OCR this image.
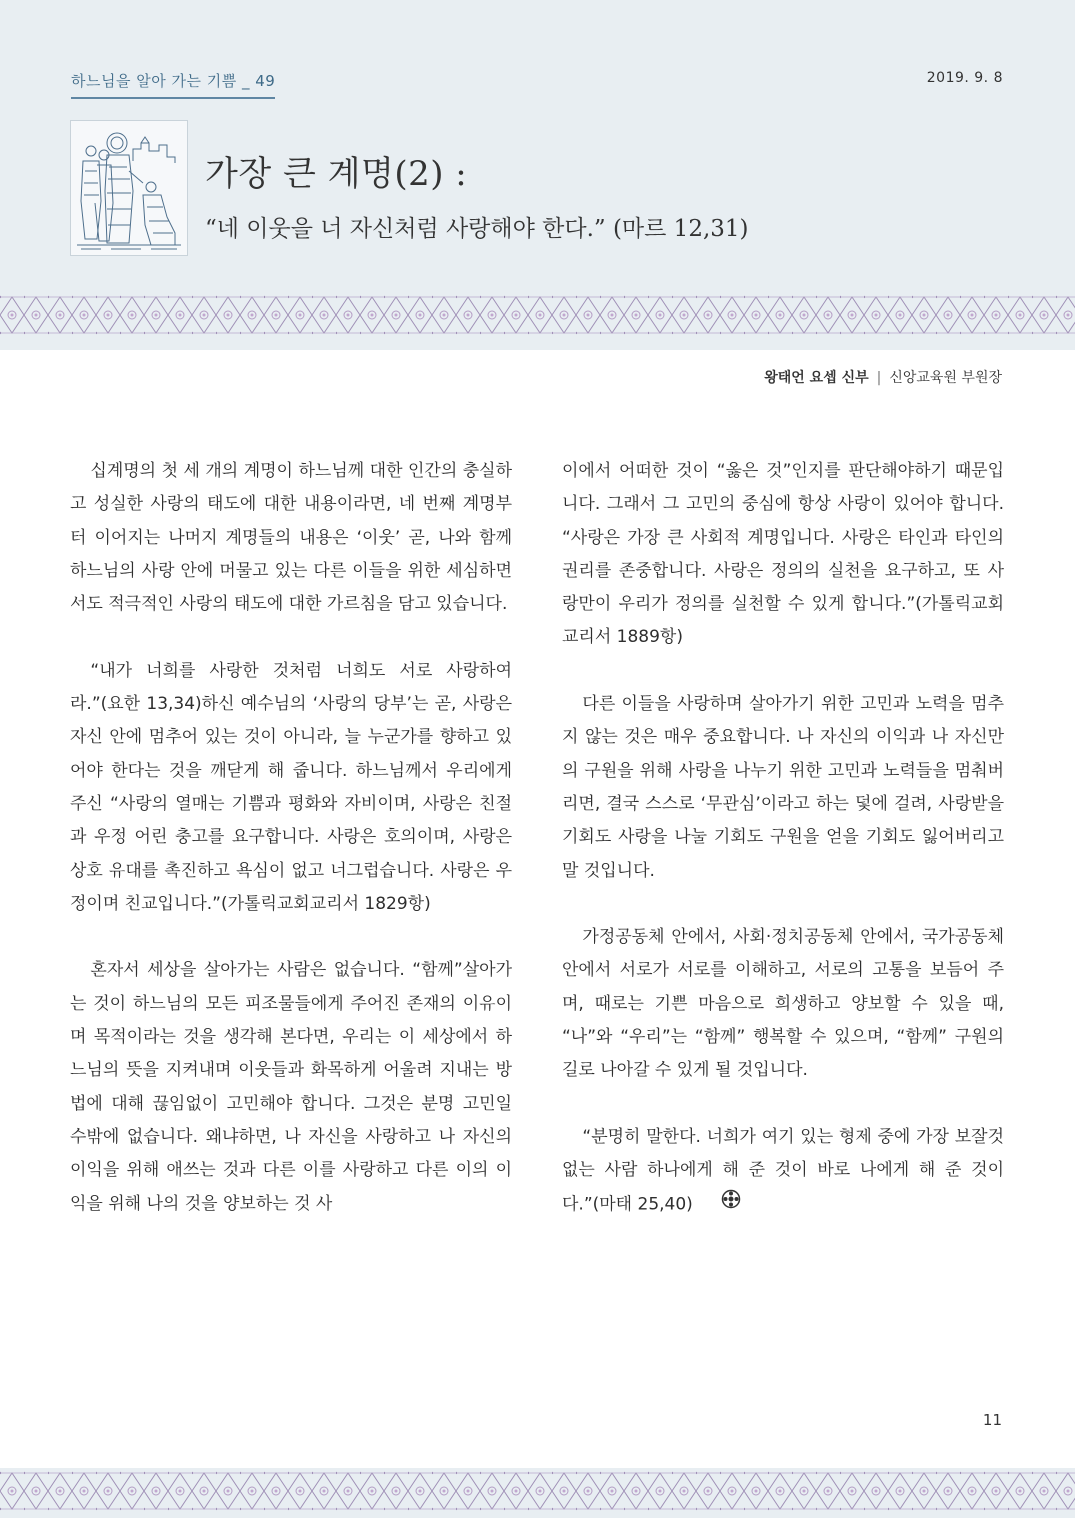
하느님을 알아 가는 기쁨 _ 49	2019. 9. 8
가장 큰 계명(2) :
“네 이웃을 너 자신처럼 사랑해야 한다.” (마르 12,31)
왕태언 요셉 신부 | 신앙교육원 부원장

십계명의 첫 세 개의 계명이 하느님께 대한 인간의 충실하고 성실한 사랑의 태도에 대한 내용이라면, 네 번째 계명부터 이어지는 나머지 계명들의 내용은 ‘이웃’ 곧, 나와 함께 하느님의 사랑 안에 머물고 있는 다른 이들을 위한 세심하면서도 적극적인 사랑의 태도에 대한 가르침을 담고 있습니다.

“내가 너희를 사랑한 것처럼 너희도 서로 사랑하여라.”(요한 13,34)하신 예수님의 ‘사랑의 당부’는 곧, 사랑은 자신 안에 멈추어 있는 것이 아니라, 늘 누군가를 향하고 있어야 한다는 것을 깨닫게 해 줍니다. 하느님께서 우리에게 주신 “사랑의 열매는 기쁨과 평화와 자비이며, 사랑은 친절과 우정 어린 충고를 요구합니다. 사랑은 호의이며, 사랑은 상호 유대를 촉진하고 욕심이 없고 너그럽습니다. 사랑은 우정이며 친교입니다.”(가톨릭교회교리서 1829항)

혼자서 세상을 살아가는 사람은 없습니다. “함께”살아가는 것이 하느님의 모든 피조물들에게 주어진 존재의 이유이며 목적이라는 것을 생각해 본다면, 우리는 이 세상에서 하느님의 뜻을 지켜내며 이웃들과 화목하게 어울려 지내는 방법에 대해 끊임없이 고민해야 합니다. 그것은 분명 고민일 수밖에 없습니다. 왜냐하면, 나 자신을 사랑하고 나 자신의 이익을 위해 애쓰는 것과 다른 이를 사랑하고 다른 이의 이익을 위해 나의 것을 양보하는 것 사

이에서 어떠한 것이 “옳은 것”인지를 판단해야하기 때문입니다. 그래서 그 고민의 중심에 항상 사랑이 있어야 합니다. “사랑은 가장 큰 사회적 계명입니다. 사랑은 타인과 타인의 권리를 존중합니다. 사랑은 정의의 실천을 요구하고, 또 사랑만이 우리가 정의를 실천할 수 있게 합니다.”(가톨릭교회교리서 1889항)

다른 이들을 사랑하며 살아가기 위한 고민과 노력을 멈추지 않는 것은 매우 중요합니다. 나 자신의 이익과 나 자신만의 구원을 위해 사랑을 나누기 위한 고민과 노력들을 멈춰버리면, 결국 스스로 ‘무관심’이라고 하는 덫에 걸려, 사랑받을 기회도 사랑을 나눌 기회도 구원을 얻을 기회도 잃어버리고 말 것입니다.

가정공동체 안에서, 사회·정치공동체 안에서, 국가공동체 안에서 서로가 서로를 이해하고, 서로의 고통을 보듬어 주며, 때로는 기쁜 마음으로 희생하고 양보할 수 있을 때, “나”와 “우리”는 “함께” 행복할 수 있으며, “함께” 구원의 길로 나아갈 수 있게 될 것입니다.

“분명히 말한다. 너희가 여기 있는 형제 중에 가장 보잘것없는 사람 하나에게 해 준 것이 바로 나에게 해 준 것이다.”(마태 25,40)

11
